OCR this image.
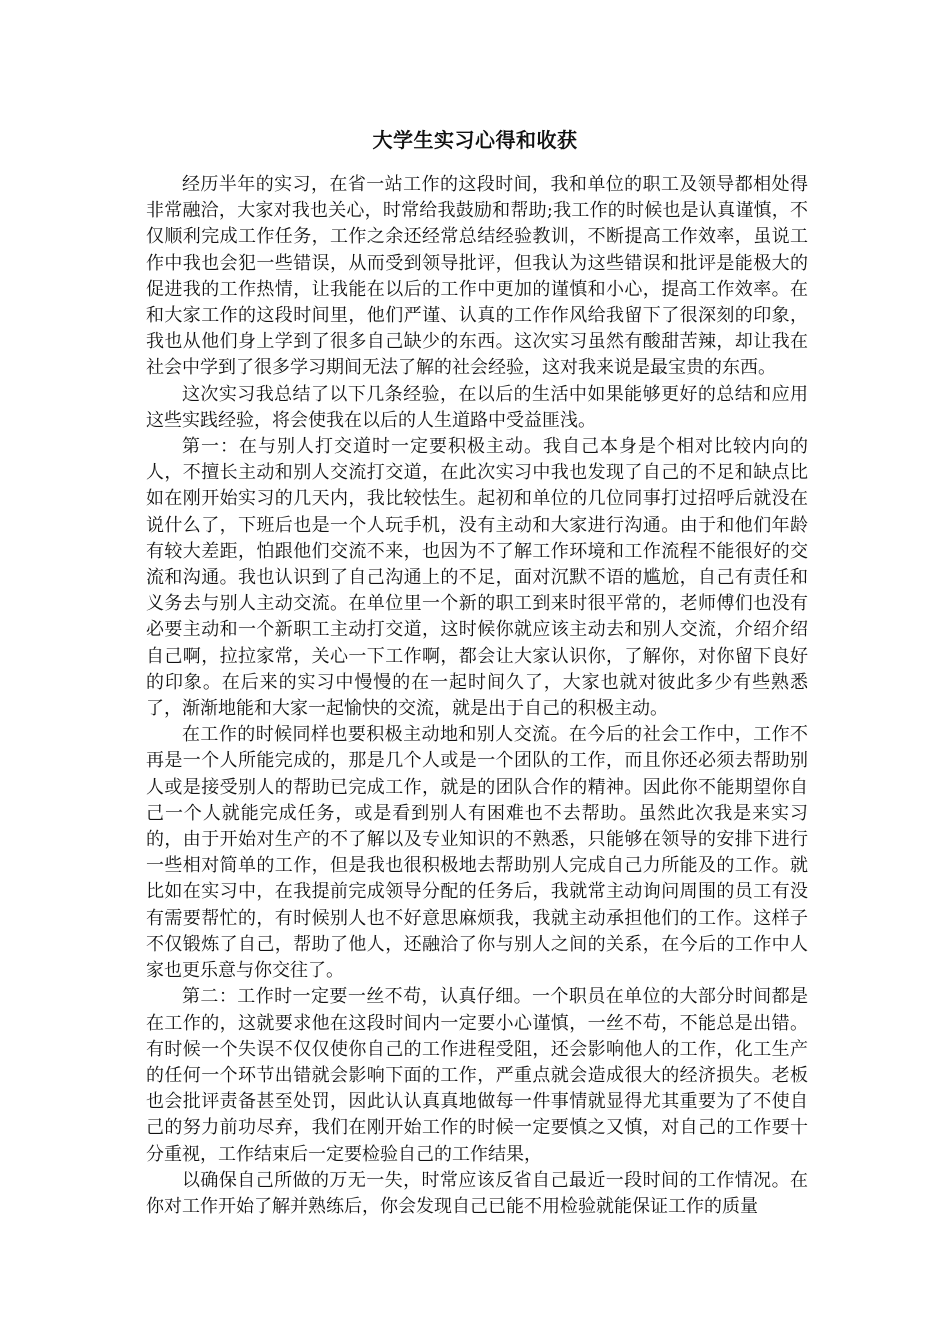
大学生实习心得和收获

经历半年的实习，在省一站工作的这段时间，我和单位的职工及领导都相处得非常融洽，大家对我也关心，时常给我鼓励和帮助;我工作的时候也是认真谨慎，不仅顺利完成工作任务，工作之余还经常总结经验教训，不断提高工作效率，虽说工作中我也会犯一些错误，从而受到领导批评，但我认为这些错误和批评是能极大的促进我的工作热情，让我能在以后的工作中更加的谨慎和小心，提高工作效率。在和大家工作的这段时间里，他们严谨、认真的工作作风给我留下了很深刻的印象，我也从他们身上学到了很多自己缺少的东西。这次实习虽然有酸甜苦辣，却让我在社会中学到了很多学习期间无法了解的社会经验，这对我来说是最宝贵的东西。

这次实习我总结了以下几条经验，在以后的生活中如果能够更好的总结和应用这些实践经验，将会使我在以后的人生道路中受益匪浅。

第一：在与别人打交道时一定要积极主动。我自己本身是个相对比较内向的人，不擅长主动和别人交流打交道，在此次实习中我也发现了自己的不足和缺点比如在刚开始实习的几天内，我比较怯生。起初和单位的几位同事打过招呼后就没在说什么了，下班后也是一个人玩手机，没有主动和大家进行沟通。由于和他们年龄有较大差距，怕跟他们交流不来，也因为不了解工作环境和工作流程不能很好的交流和沟通。我也认识到了自己沟通上的不足，面对沉默不语的尴尬，自己有责任和义务去与别人主动交流。在单位里一个新的职工到来时很平常的，老师傅们也没有必要主动和一个新职工主动打交道，这时候你就应该主动去和别人交流，介绍介绍自己啊，拉拉家常，关心一下工作啊，都会让大家认识你，了解你，对你留下良好的印象。在后来的实习中慢慢的在一起时间久了，大家也就对彼此多少有些熟悉了，渐渐地能和大家一起愉快的交流，就是出于自己的积极主动。

在工作的时候同样也要积极主动地和别人交流。在今后的社会工作中，工作不再是一个人所能完成的，那是几个人或是一个团队的工作，而且你还必须去帮助别人或是接受别人的帮助已完成工作，就是的团队合作的精神。因此你不能期望你自己一个人就能完成任务，或是看到别人有困难也不去帮助。虽然此次我是来实习的，由于开始对生产的不了解以及专业知识的不熟悉，只能够在领导的安排下进行一些相对简单的工作，但是我也很积极地去帮助别人完成自己力所能及的工作。就比如在实习中，在我提前完成领导分配的任务后，我就常主动询问周围的员工有没有需要帮忙的，有时候别人也不好意思麻烦我，我就主动承担他们的工作。这样子不仅锻炼了自己，帮助了他人，还融洽了你与别人之间的关系，在今后的工作中人家也更乐意与你交往了。

第二：工作时一定要一丝不苟，认真仔细。一个职员在单位的大部分时间都是在工作的，这就要求他在这段时间内一定要小心谨慎，一丝不苟，不能总是出错。有时候一个失误不仅仅使你自己的工作进程受阻，还会影响他人的工作，化工生产的任何一个环节出错就会影响下面的工作，严重点就会造成很大的经济损失。老板也会批评责备甚至处罚，因此认认真真地做每一件事情就显得尤其重要为了不使自己的努力前功尽弃，我们在刚开始工作的时候一定要慎之又慎，对自己的工作要十分重视，工作结束后一定要检验自己的工作结果，

以确保自己所做的万无一失，时常应该反省自己最近一段时间的工作情况。在你对工作开始了解并熟练后，你会发现自己已能不用检验就能保证工作的质量
